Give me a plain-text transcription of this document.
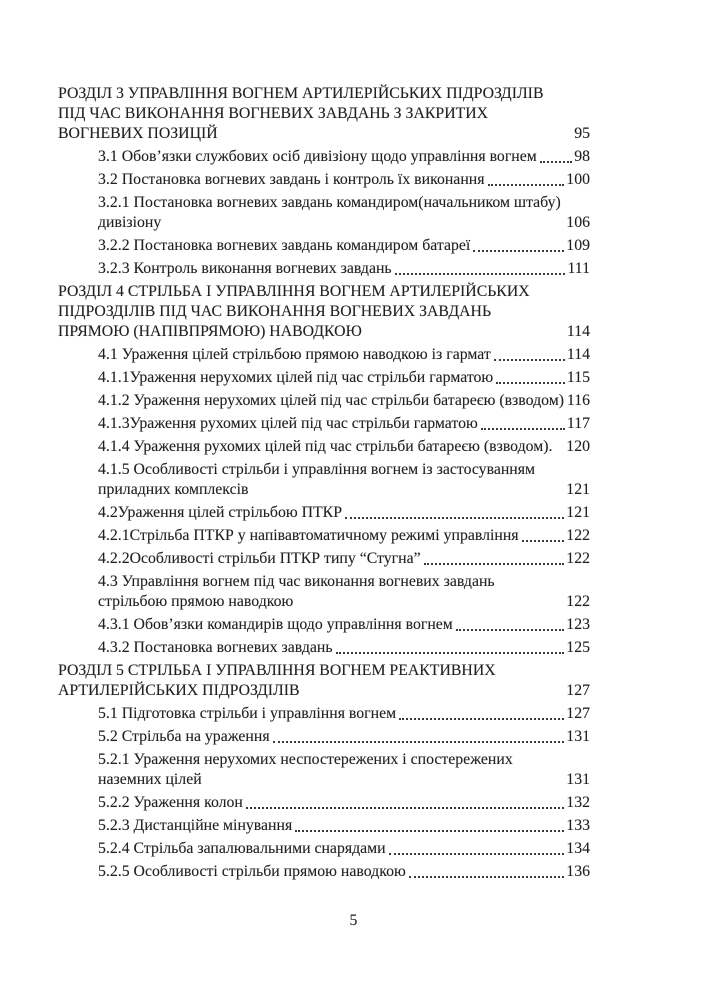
РОЗДІЛ 3 УПРАВЛІННЯ ВОГНЕМ АРТИЛЕРІЙСЬКИХ ПІДРОЗДІЛІВ ПІД ЧАС ВИКОНАННЯ ВОГНЕВИХ ЗАВДАНЬ З ЗАКРИТИХ ВОГНЕВИХ ПОЗИЦІЙ	95
3.1 Обов’язки службових осіб дивізіону щодо управління вогнем 98
3.2 Постановка вогневих завдань і контроль їх виконання	100
3.2.1 Постановка вогневих завдань командиром(начальником штабу) дивізіону	106
3.2.2 Постановка вогневих завдань командиром батареї	109
3.2.3 Контроль виконання вогневих завдань	111
РОЗДІЛ 4 СТРІЛЬБА І УПРАВЛІННЯ ВОГНЕМ АРТИЛЕРІЙСЬКИХ ПІДРОЗДІЛІВ ПІД ЧАС ВИКОНАННЯ ВОГНЕВИХ ЗАВДАНЬ ПРЯМОЮ (НАПІВПРЯМОЮ) НАВОДКОЮ	114
4.1 Ураження цілей стрільбою прямою наводкою із гармат	114
4.1.1Ураження нерухомих цілей під час стрільби гарматою	115
4.1.2 Ураження нерухомих цілей під час стрільби батареєю (взводом) 116
4.1.3Ураження рухомих цілей під час стрільби гарматою	117
4.1.4 Ураження рухомих цілей під час стрільби батареєю (взводом). 120
4.1.5 Особливості стрільби і управління вогнем із застосуванням приладних комплексів	121
4.2Ураження цілей стрільбою ПТКР	121
4.2.1Стрільба ПТКР у напівавтоматичному режимі управління	122
4.2.2Особливості стрільби ПТКР типу “Стугна”	122
4.3 Управління вогнем під час виконання вогневих завдань стрільбою прямою наводкою	122
4.3.1 Обов’язки командирів щодо управління вогнем	123
4.3.2 Постановка вогневих завдань	125
РОЗДІЛ 5 СТРІЛЬБА І УПРАВЛІННЯ ВОГНЕМ РЕАКТИВНИХ АРТИЛЕРІЙСЬКИХ ПІДРОЗДІЛІВ	127
5.1 Підготовка стрільби і управління вогнем	127
5.2 Стрільба на ураження	131
5.2.1 Ураження нерухомих неспостережених і спостережених наземних цілей	131
5.2.2 Ураження колон	132
5.2.3 Дистанційне мінування	133
5.2.4 Стрільба запалювальними снарядами	134
5.2.5 Особливості стрільби прямою наводкою	136
5
